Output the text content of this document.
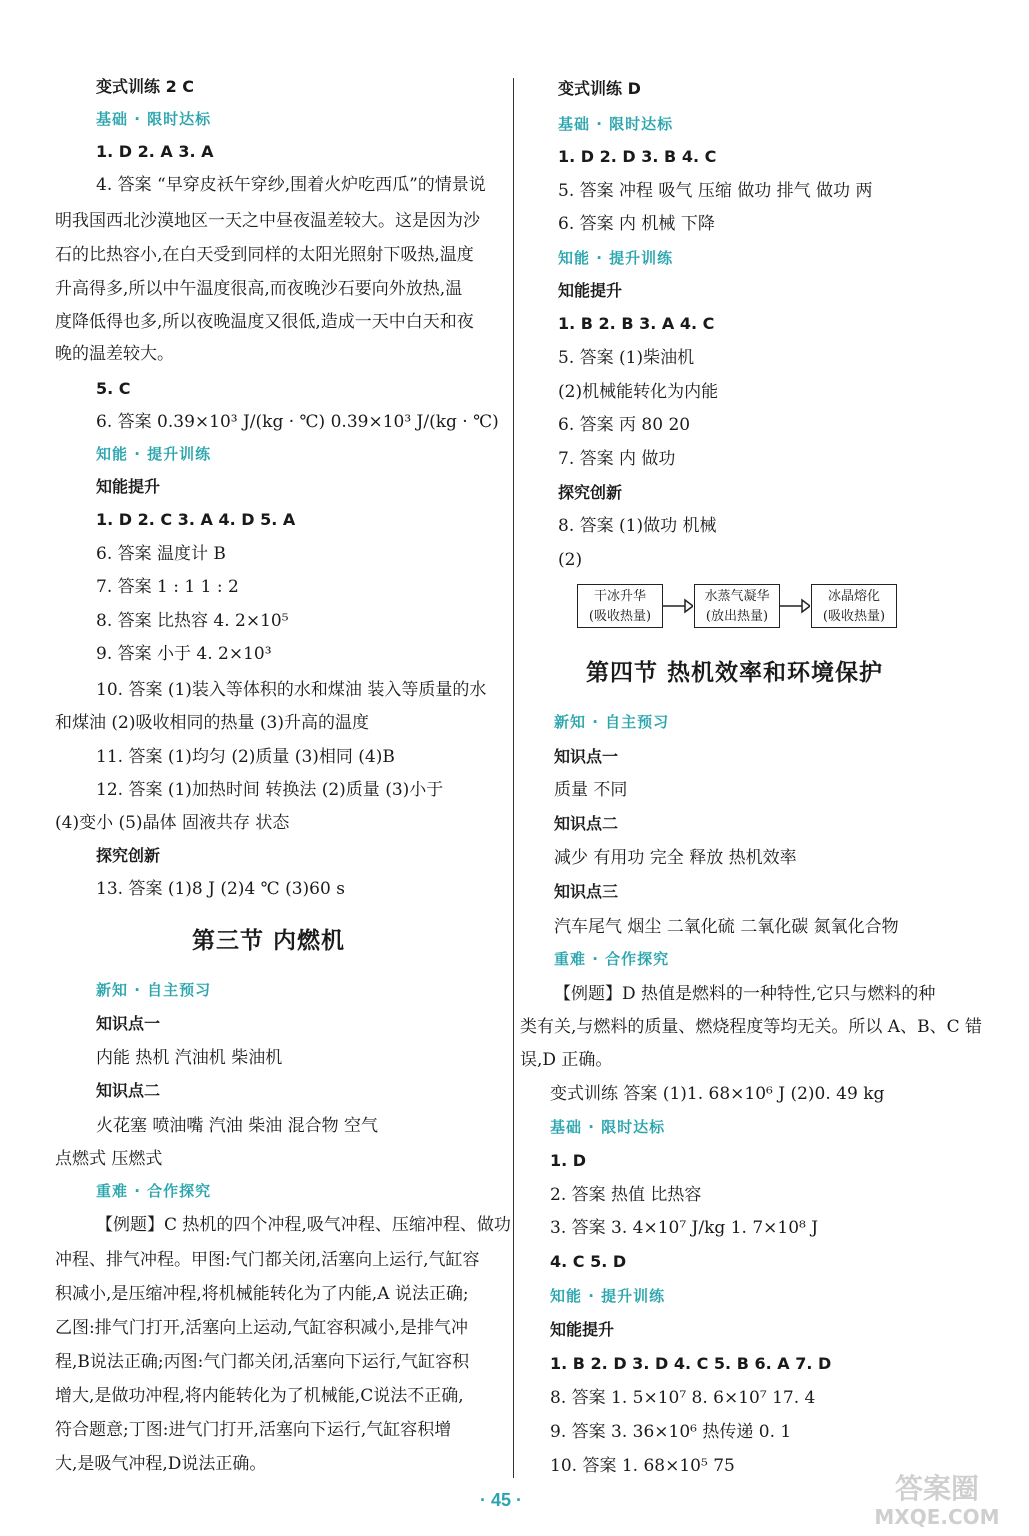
变式训练 2 C
基础 · 限时达标
1. D 2. A 3. A
4. 答案 “早穿皮袄午穿纱,围着火炉吃西瓜”的情景说
明我国西北沙漠地区一天之中昼夜温差较大。这是因为沙
石的比热容小,在白天受到同样的太阳光照射下吸热,温度
升高得多,所以中午温度很高,而夜晚沙石要向外放热,温
度降低得也多,所以夜晚温度又很低,造成一天中白天和夜
晚的温差较大。
5. C
6. 答案 0.39×10³ J/(kg · ℃) 0.39×10³ J/(kg · ℃)
知能 · 提升训练
知能提升
1. D 2. C 3. A 4. D 5. A
6. 答案 温度计 B
7. 答案 1 : 1 1 : 2
8. 答案 比热容 4. 2×10⁵
9. 答案 小于 4. 2×10³
10. 答案 (1)装入等体积的水和煤油 装入等质量的水
和煤油 (2)吸收相同的热量 (3)升高的温度
11. 答案 (1)均匀 (2)质量 (3)相同 (4)B
12. 答案 (1)加热时间 转换法 (2)质量 (3)小于
(4)变小 (5)晶体 固液共存 状态
探究创新
13. 答案 (1)8 J (2)4 ℃ (3)60 s
第三节 内燃机
新知 · 自主预习
知识点一
内能 热机 汽油机 柴油机
知识点二
火花塞 喷油嘴 汽油 柴油 混合物 空气
点燃式 压燃式
重难 · 合作探究
【例题】C 热机的四个冲程,吸气冲程、压缩冲程、做功
冲程、排气冲程。甲图:气门都关闭,活塞向上运行,气缸容
积减小,是压缩冲程,将机械能转化为了内能,A 说法正确;
乙图:排气门打开,活塞向上运动,气缸容积减小,是排气冲
程,B说法正确;丙图:气门都关闭,活塞向下运行,气缸容积
增大,是做功冲程,将内能转化为了机械能,C说法不正确,
符合题意;丁图:进气门打开,活塞向下运行,气缸容积增
大,是吸气冲程,D说法正确。
干冰升华
(吸收热量)
水蒸气凝华
(放出热量)
冰晶熔化
(吸收热量)
变式训练 D
基础 · 限时达标
1. D 2. D 3. B 4. C
5. 答案 冲程 吸气 压缩 做功 排气 做功 两
6. 答案 内 机械 下降
知能 · 提升训练
知能提升
1. B 2. B 3. A 4. C
5. 答案 (1)柴油机
(2)机械能转化为内能
6. 答案 丙 80 20
7. 答案 内 做功
探究创新
8. 答案 (1)做功 机械
(2)
第四节 热机效率和环境保护
新知 · 自主预习
知识点一
质量 不同
知识点二
减少 有用功 完全 释放 热机效率
知识点三
汽车尾气 烟尘 二氧化硫 二氧化碳 氮氧化合物
重难 · 合作探究
【例题】D 热值是燃料的一种特性,它只与燃料的种
类有关,与燃料的质量、燃烧程度等均无关。所以 A、B、C 错
误,D 正确。
变式训练 答案 (1)1. 68×10⁶ J (2)0. 49 kg
基础 · 限时达标
1. D
2. 答案 热值 比热容
3. 答案 3. 4×10⁷ J/kg 1. 7×10⁸ J
4. C 5. D
知能 · 提升训练
知能提升
1. B 2. D 3. D 4. C 5. B 6. A 7. D
8. 答案 1. 5×10⁷ 8. 6×10⁷ 17. 4
9. 答案 3. 36×10⁶ 热传递 0. 1
10. 答案 1. 68×10⁵ 75
· 45 ·	答案圈
MXQE.COM
